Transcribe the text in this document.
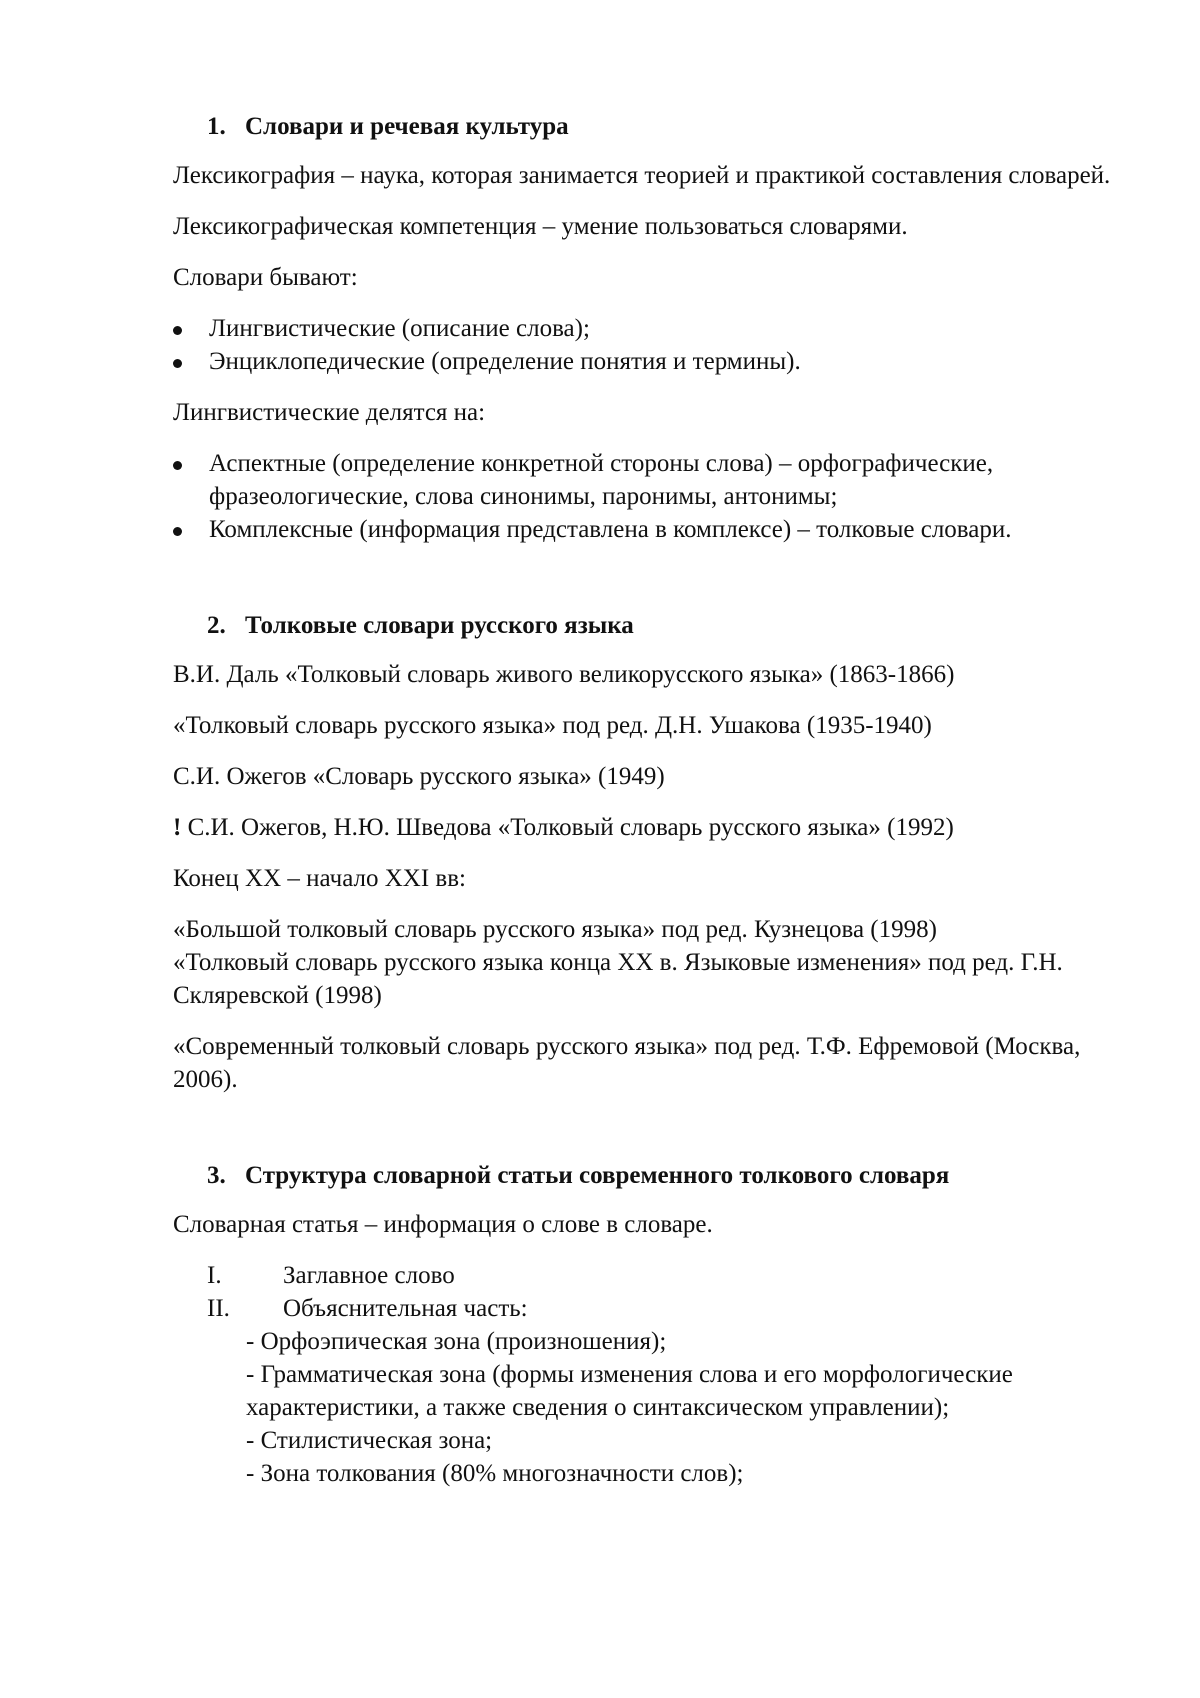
1. Словари и речевая культура
Лексикография – наука, которая занимается теорией и практикой составления словарей.
Лексикографическая компетенция – умение пользоваться словарями.
Словари бывают:
Лингвистические (описание слова);
Энциклопедические (определение понятия и термины).
Лингвистические делятся на:
Аспектные (определение конкретной стороны слова) – орфографические, фразеологические, слова синонимы, паронимы, антонимы;
Комплексные (информация представлена в комплексе) – толковые словари.
2. Толковые словари русского языка
В.И. Даль «Толковый словарь живого великорусского языка» (1863-1866)
«Толковый словарь русского языка» под ред. Д.Н. Ушакова (1935-1940)
С.И. Ожегов «Словарь русского языка» (1949)
! С.И. Ожегов, Н.Ю. Шведова «Толковый словарь русского языка» (1992)
Конец XX – начало XXI вв:
«Большой толковый словарь русского языка» под ред. Кузнецова (1998)
«Толковый словарь русского языка конца XX в. Языковые изменения» под ред. Г.Н. Скляревской (1998)
«Современный толковый словарь русского языка» под ред. Т.Ф. Ефремовой (Москва, 2006).
3. Структура словарной статьи современного толкового словаря
Словарная статья – информация о слове в словаре.
I.	Заглавное слово
II.	Объяснительная часть:
- Орфоэпическая зона (произношения);
- Грамматическая зона (формы изменения слова и его морфологические характеристики, а также сведения о синтаксическом управлении);
- Стилистическая зона;
- Зона толкования (80% многозначности слов);
